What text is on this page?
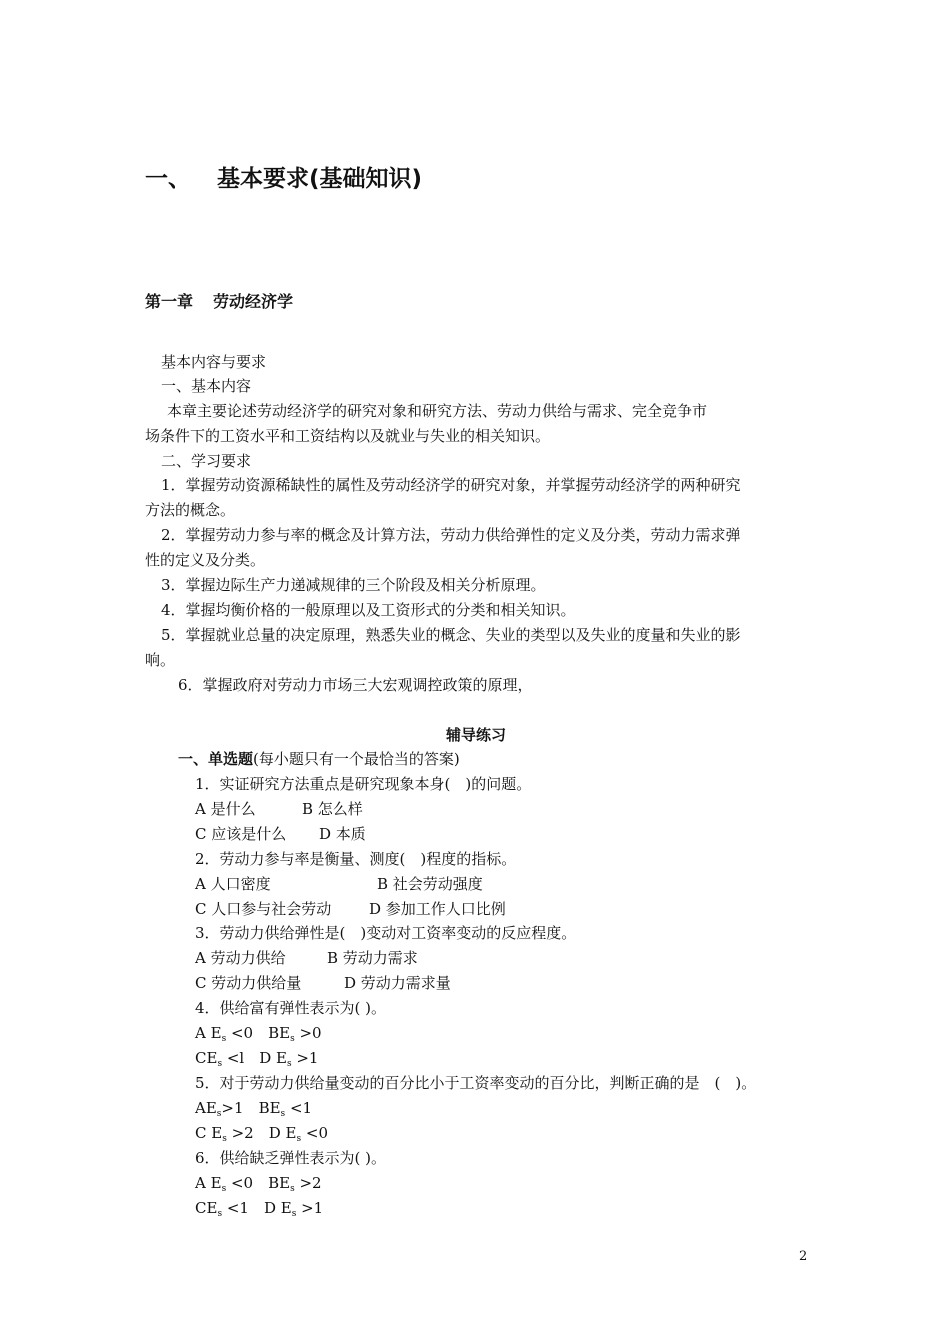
一、 基本要求(基础知识)
第一章 劳动经济学
基本内容与要求
一、基本内容
本章主要论述劳动经济学的研究对象和研究方法、劳动力供给与需求、完全竞争市
场条件下的工资水平和工资结构以及就业与失业的相关知识。
二、学习要求
1．掌握劳动资源稀缺性的属性及劳动经济学的研究对象，并掌握劳动经济学的两种研究
方法的概念。
2．掌握劳动力参与率的概念及计算方法，劳动力供给弹性的定义及分类，劳动力需求弹
性的定义及分类。
3．掌握边际生产力递减规律的三个阶段及相关分析原理。
4．掌握均衡价格的一般原理以及工资形式的分类和相关知识。
5．掌握就业总量的决定原理，熟悉失业的概念、失业的类型以及失业的度量和失业的影
响。
6．掌握政府对劳动力市场三大宏观调控政策的原理，
辅导练习
一、单选题(每小题只有一个最恰当的答案)
1．实证研究方法重点是研究现象本身(　)的问题。
A 是什么	B 怎么样
C 应该是什么 D 本质
2．劳动力参与率是衡量、测度(　)程度的指标。
A 人口密度	B 社会劳动强度
C 人口参与社会劳动	D 参加工作人口比例
3．劳动力供给弹性是(　)变动对工资率变动的反应程度。
A 劳动力供给	B 劳动力需求
C 劳动力供给量	D 劳动力需求量
4．供给富有弹性表示为( )。
A $E_s <0$　 $BE_s >0$
$CE_s <l$　 D $E_s >1$
5．对于劳动力供给量变动的百分比小于工资率变动的百分比，判断正确的是　(　)。
$AE_s>1$　 $BE_s <1$
C $E_s >2$　 D $E_s <0$
6．供给缺乏弹性表示为( )。
A $E_s <0$　 $BE_s >2$
$CE_s <1$　 D $E_s >1$
2
